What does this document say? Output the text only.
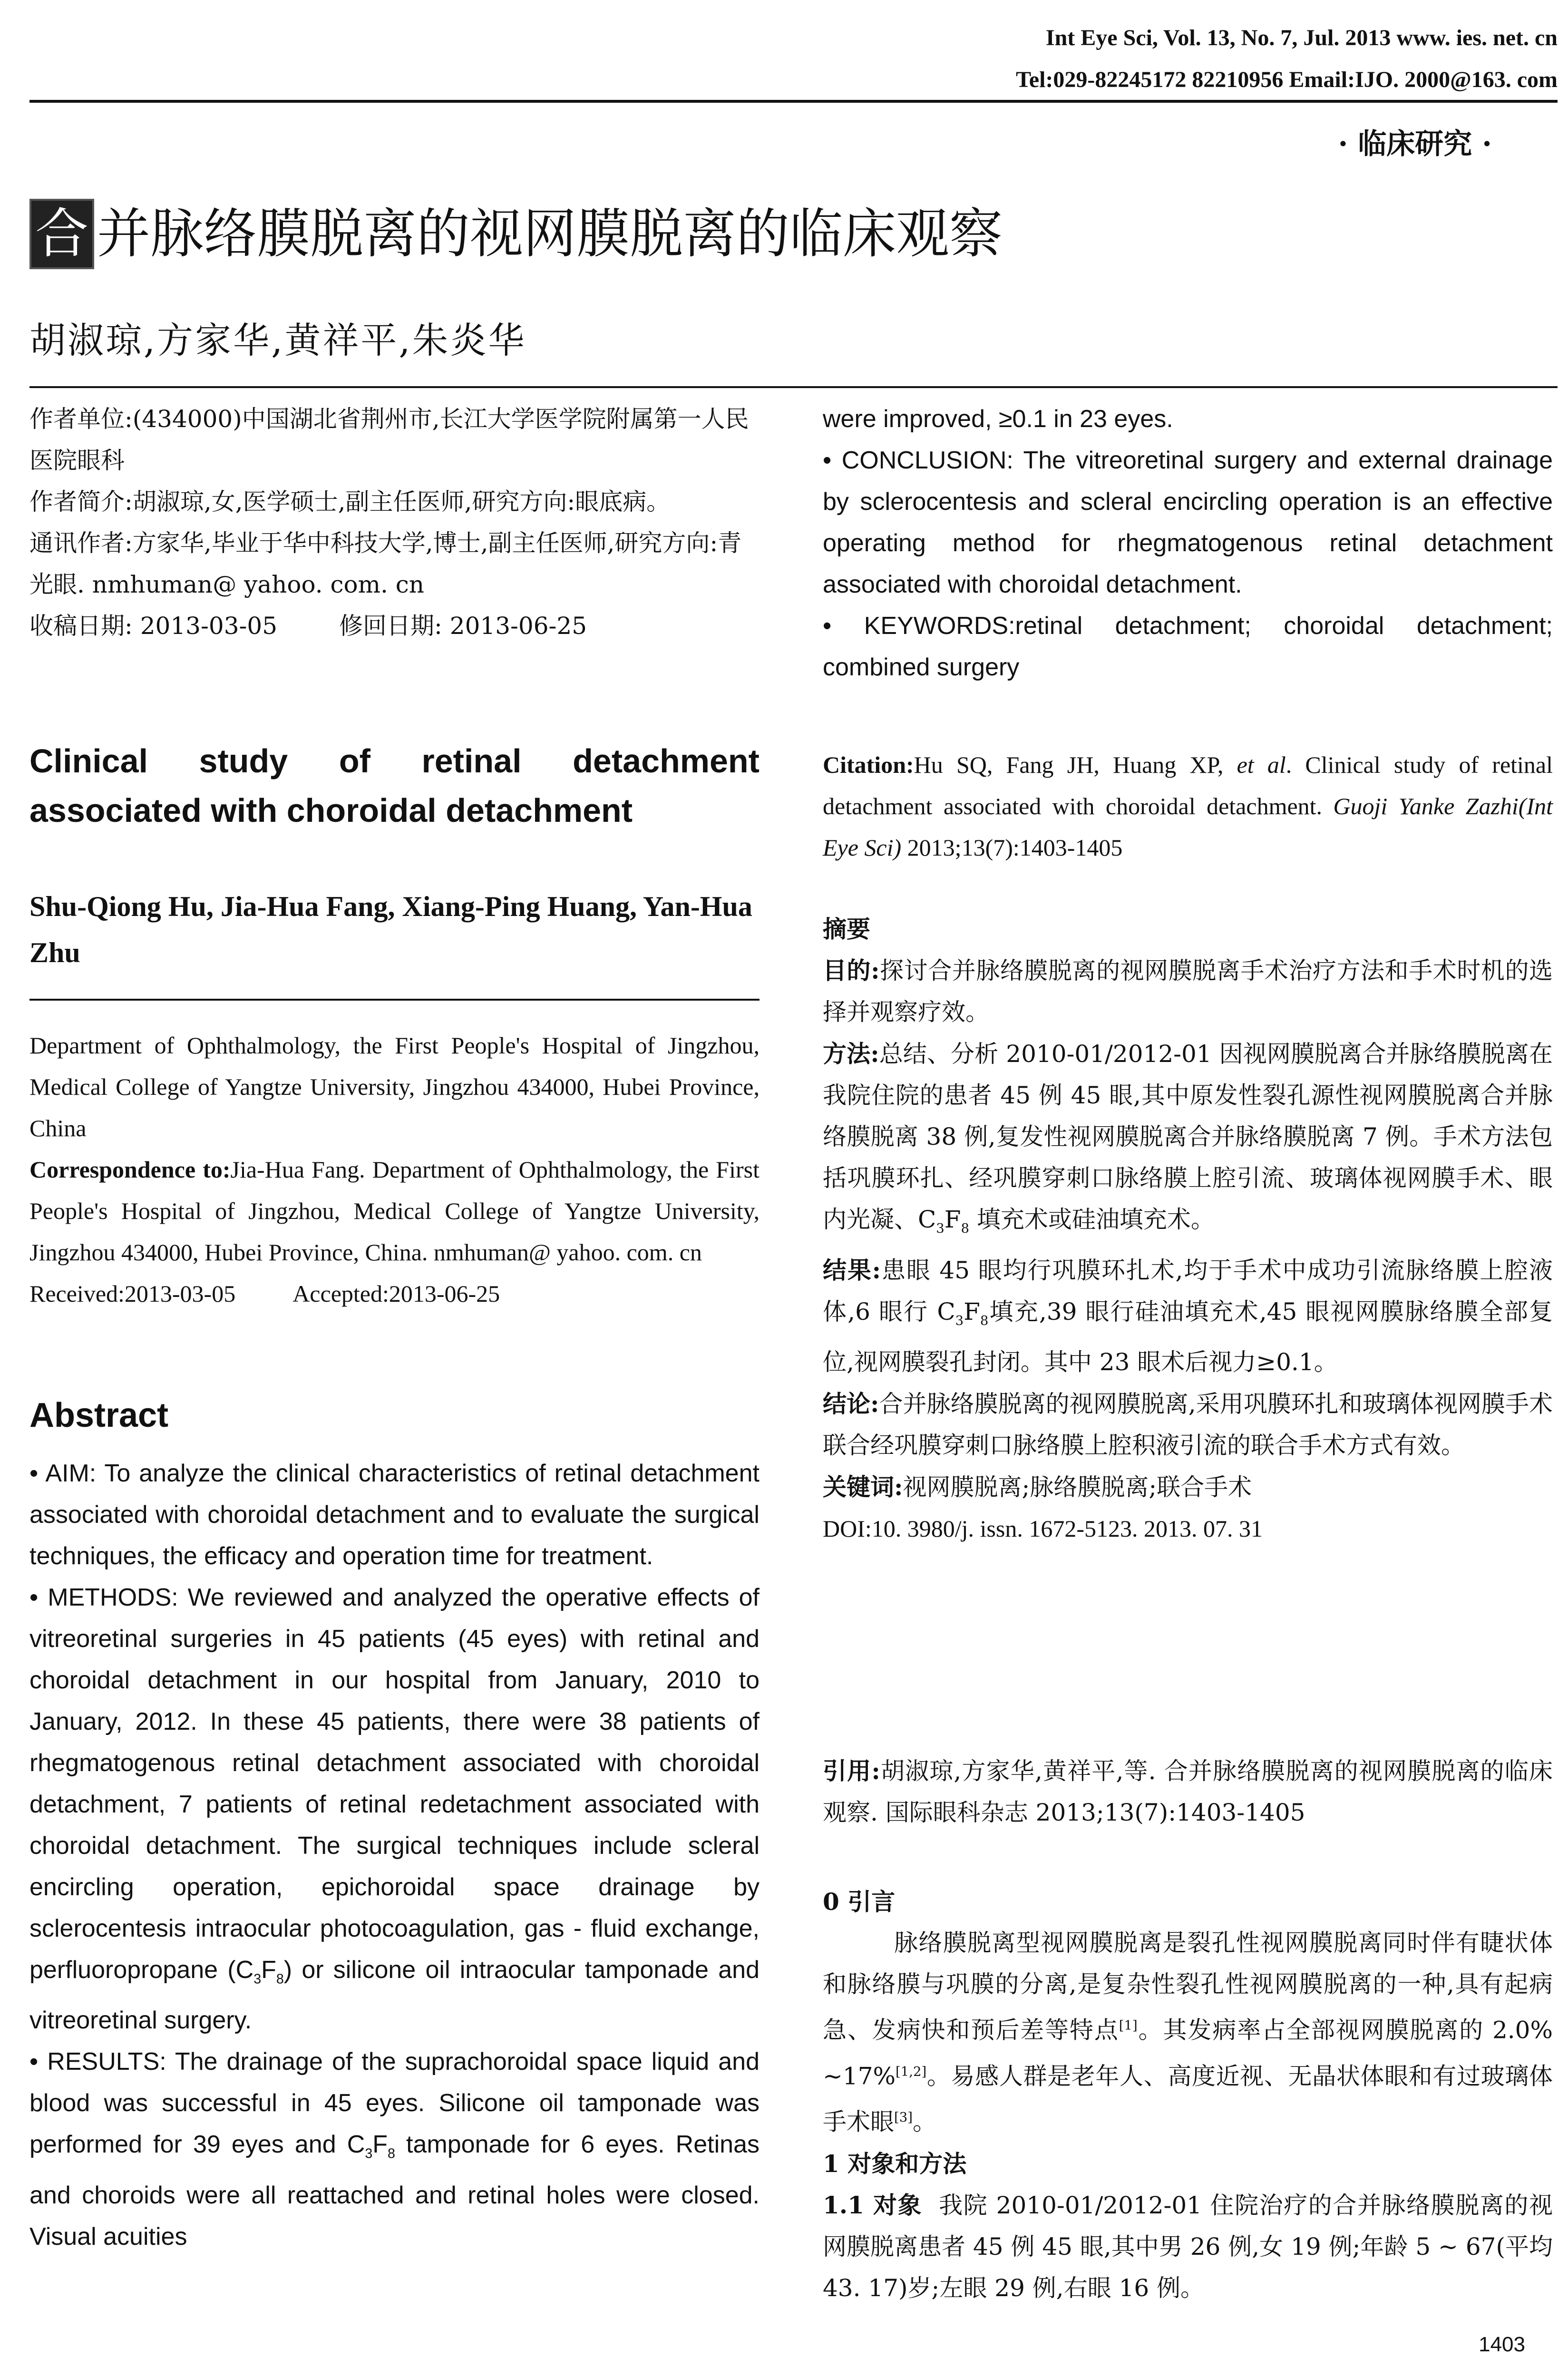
Int Eye Sci, Vol. 13, No. 7, Jul. 2013 www. ies. net. cn
Tel:029-82245172 82210956 Email:IJO. 2000@163. com
· 临床研究 ·
合 并脉络膜脱离的视网膜脱离的临床观察
胡淑琼,方家华,黄祥平,朱炎华

作者单位:(434000)中国湖北省荆州市,长江大学医学院附属第一人民医院眼科

作者简介:胡淑琼,女,医学硕士,副主任医师,研究方向:眼底病。

通讯作者:方家华,毕业于华中科技大学,博士,副主任医师,研究方向:青光眼. nmhuman@ yahoo. com. cn

收稿日期: 2013-03-05	修回日期: 2013-06-25

Clinical study of retinal detachment associated with choroidal detachment
Shu-Qiong Hu, Jia-Hua Fang, Xiang-Ping Huang, Yan-Hua Zhu

Department of Ophthalmology, the First People's Hospital of Jingzhou, Medical College of Yangtze University, Jingzhou 434000, Hubei Province, China

Correspondence to:Jia-Hua Fang. Department of Ophthalmology, the First People's Hospital of Jingzhou, Medical College of Yangtze University, Jingzhou 434000, Hubei Province, China. nmhuman@ yahoo. com. cn

Received:2013-03-05 Accepted:2013-06-25

Abstract

• AIM: To analyze the clinical characteristics of retinal detachment associated with choroidal detachment and to evaluate the surgical techniques, the efficacy and operation time for treatment.

• METHODS: We reviewed and analyzed the operative effects of vitreoretinal surgeries in 45 patients (45 eyes) with retinal and choroidal detachment in our hospital from January, 2010 to January, 2012. In these 45 patients, there were 38 patients of rhegmatogenous retinal detachment associated with choroidal detachment, 7 patients of retinal redetachment associated with choroidal detachment. The surgical techniques include scleral encircling operation, epichoroidal space drainage by sclerocentesis intraocular photocoagulation, gas - fluid exchange, perfluoropropane $(C_3F_8)$ or silicone oil intraocular tamponade and vitreoretinal surgery.

• RESULTS: The drainage of the suprachoroidal space liquid and blood was successful in 45 eyes. Silicone oil tamponade was performed for 39 eyes and $C_3F_8$ tamponade for 6 eyes. Retinas and choroids were all reattached and retinal holes were closed. Visual acuities

were improved, ≥0.1 in 23 eyes.

• CONCLUSION: The vitreoretinal surgery and external drainage by sclerocentesis and scleral encircling operation is an effective operating method for rhegmatogenous retinal detachment associated with choroidal detachment.

• KEYWORDS:retinal detachment; choroidal detachment; combined surgery

Citation:Hu SQ, Fang JH, Huang XP, et al. Clinical study of retinal detachment associated with choroidal detachment. Guoji Yanke Zazhi(Int Eye Sci) 2013;13(7):1403-1405

摘要

目的:探讨合并脉络膜脱离的视网膜脱离手术治疗方法和手术时机的选择并观察疗效。

方法:总结、分析 2010-01/2012-01 因视网膜脱离合并脉络膜脱离在我院住院的患者 45 例 45 眼,其中原发性裂孔源性视网膜脱离合并脉络膜脱离 38 例,复发性视网膜脱离合并脉络膜脱离 7 例。手术方法包括巩膜环扎、经巩膜穿刺口脉络膜上腔引流、玻璃体视网膜手术、眼内光凝、$C_3F_8$ 填充术或硅油填充术。

结果:患眼 45 眼均行巩膜环扎术,均于手术中成功引流脉络膜上腔液体,6 眼行 $C_3F_8$填充,39 眼行硅油填充术,45 眼视网膜脉络膜全部复位,视网膜裂孔封闭。其中 23 眼术后视力≥0.1。

结论:合并脉络膜脱离的视网膜脱离,采用巩膜环扎和玻璃体视网膜手术联合经巩膜穿刺口脉络膜上腔积液引流的联合手术方式有效。

关键词:视网膜脱离;脉络膜脱离;联合手术

DOI:10. 3980/j. issn. 1672-5123. 2013. 07. 31

引用:胡淑琼,方家华,黄祥平,等. 合并脉络膜脱离的视网膜脱离的临床观察. 国际眼科杂志 2013;13(7):1403-1405

0 引言

脉络膜脱离型视网膜脱离是裂孔性视网膜脱离同时伴有睫状体和脉络膜与巩膜的分离,是复杂性裂孔性视网膜脱离的一种,具有起病急、发病快和预后差等特点[1]。其发病率占全部视网膜脱离的 2.0% ~17%[1,2]。易感人群是老年人、高度近视、无晶状体眼和有过玻璃体手术眼[3]。

1 对象和方法

1.1 对象 我院 2010-01/2012-01 住院治疗的合并脉络膜脱离的视网膜脱离患者 45 例 45 眼,其中男 26 例,女 19 例;年龄 5 ~ 67(平均 43. 17)岁;左眼 29 例,右眼 16 例。

1403
